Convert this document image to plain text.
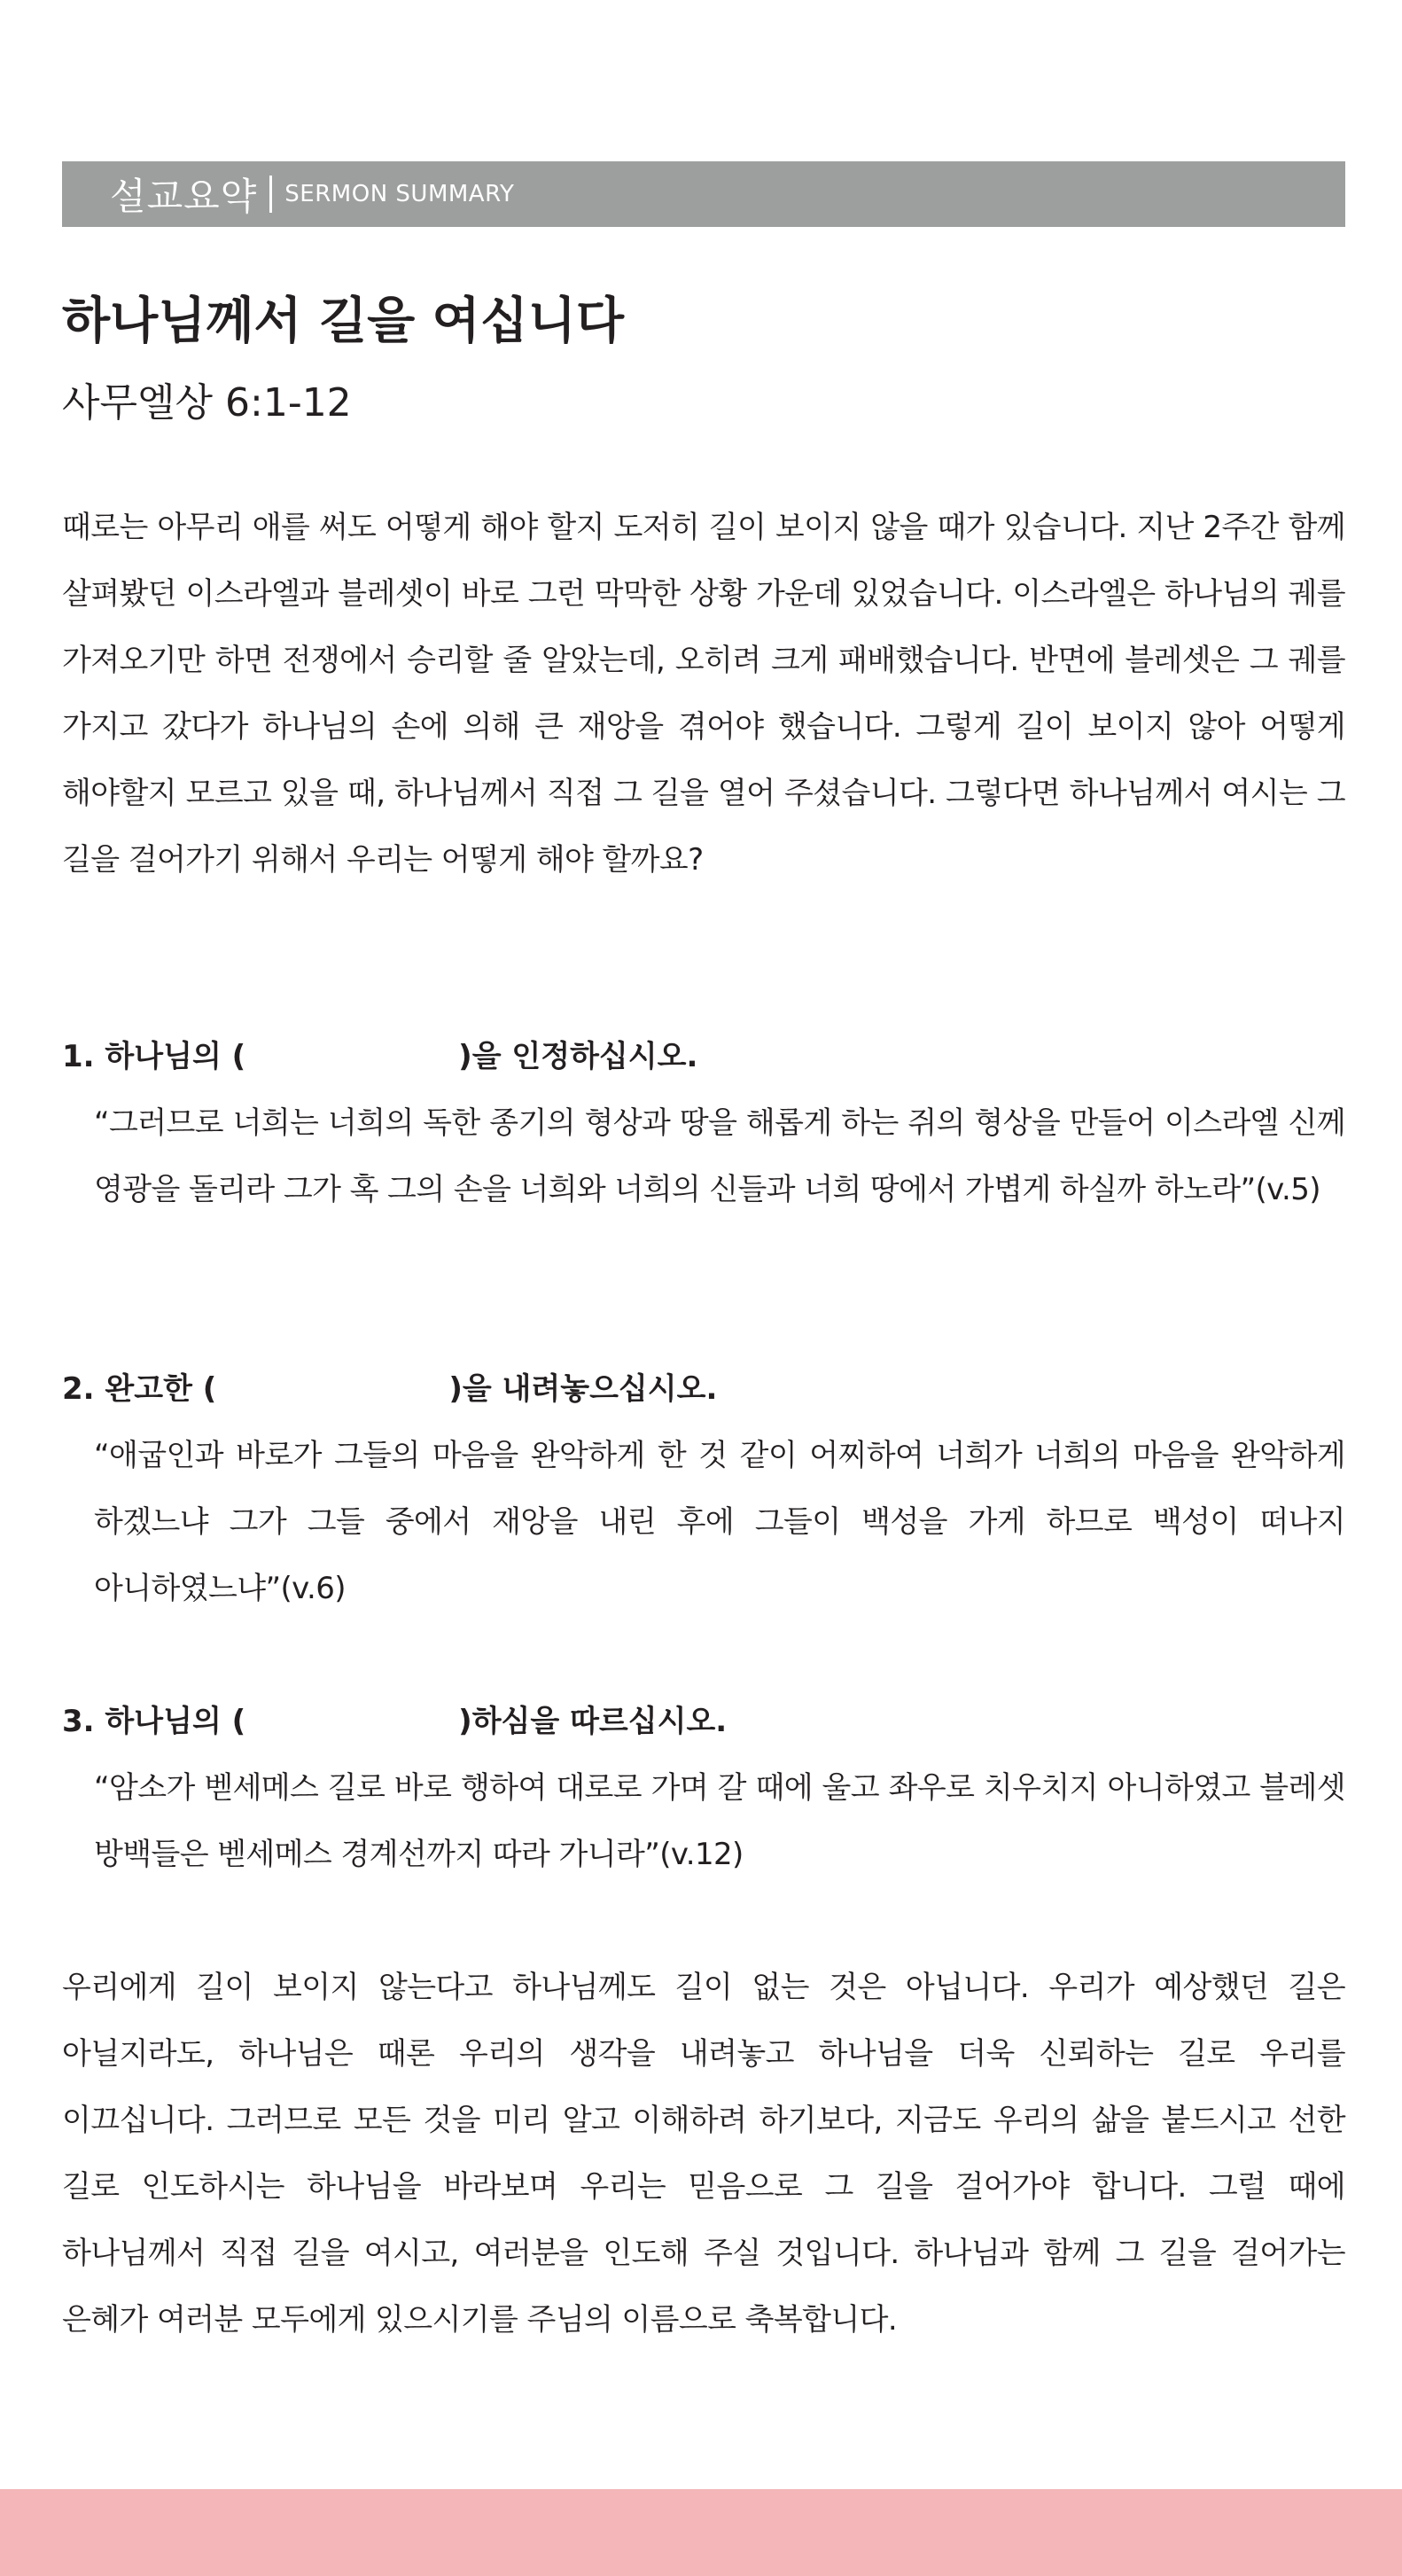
설교요약 SERMON SUMMARY
하나님께서 길을 여십니다
사무엘상 6:1-12

때로는 아무리 애를 써도 어떻게 해야 할지 도저히 길이 보이지 않을 때가 있습니다. 지난 2주간 함께 살펴봤던 이스라엘과 블레셋이 바로 그런 막막한 상황 가운데 있었습니다. 이스라엘은 하나님의 궤를 가져오기만 하면 전쟁에서 승리할 줄 알았는데, 오히려 크게 패배했습니다. 반면에 블레셋은 그 궤를 가지고 갔다가 하나님의 손에 의해 큰 재앙을 겪어야 했습니다. 그렇게 길이 보이지 않아 어떻게 해야할지 모르고 있을 때, 하나님께서 직접 그 길을 열어 주셨습니다. 그렇다면 하나님께서 여시는 그 길을 걸어가기 위해서 우리는 어떻게 해야 할까요?

1. 하나님의 (	)을 인정하십시오.
“그러므로 너희는 너희의 독한 종기의 형상과 땅을 해롭게 하는 쥐의 형상을 만들어 이스라엘 신께 영광을 돌리라 그가 혹 그의 손을 너희와 너희의 신들과 너희 땅에서 가볍게 하실까 하노라”(v.5)
2. 완고한 (	)을 내려놓으십시오.
“애굽인과 바로가 그들의 마음을 완악하게 한 것 같이 어찌하여 너희가 너희의 마음을 완악하게 하겠느냐 그가 그들 중에서 재앙을 내린 후에 그들이 백성을 가게 하므로 백성이 떠나지 아니하였느냐”(v.6)
3. 하나님의 (	)하심을 따르십시오.
“암소가 벧세메스 길로 바로 행하여 대로로 가며 갈 때에 울고 좌우로 치우치지 아니하였고 블레셋 방백들은 벧세메스 경계선까지 따라 가니라”(v.12)

우리에게 길이 보이지 않는다고 하나님께도 길이 없는 것은 아닙니다. 우리가 예상했던 길은 아닐지라도, 하나님은 때론 우리의 생각을 내려놓고 하나님을 더욱 신뢰하는 길로 우리를 이끄십니다. 그러므로 모든 것을 미리 알고 이해하려 하기보다, 지금도 우리의 삶을 붙드시고 선한 길로 인도하시는 하나님을 바라보며 우리는 믿음으로 그 길을 걸어가야 합니다. 그럴 때에 하나님께서 직접 길을 여시고, 여러분을 인도해 주실 것입니다. 하나님과 함께 그 길을 걸어가는 은혜가 여러분 모두에게 있으시기를 주님의 이름으로 축복합니다.
